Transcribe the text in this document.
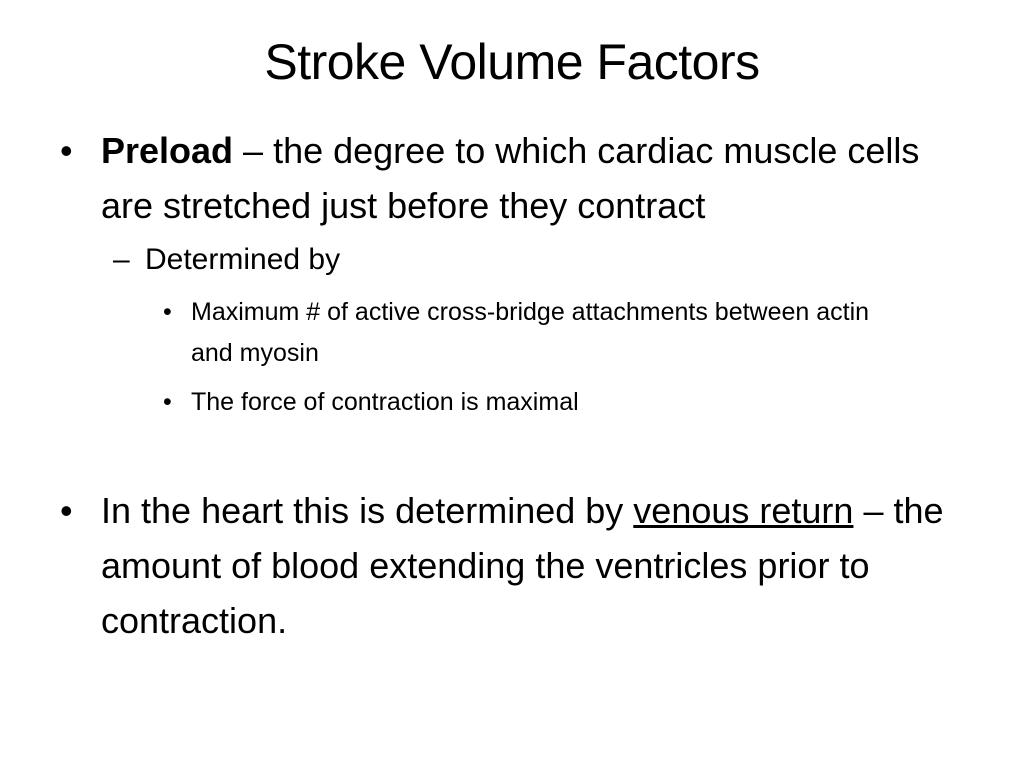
Stroke Volume Factors
• Preload – the degree to which cardiac muscle cells are stretched just before they contract
– Determined by
• Maximum # of active cross-bridge attachments between actin and myosin
• The force of contraction is maximal
• In the heart this is determined by venous return – the amount of blood extending the ventricles prior to contraction.
